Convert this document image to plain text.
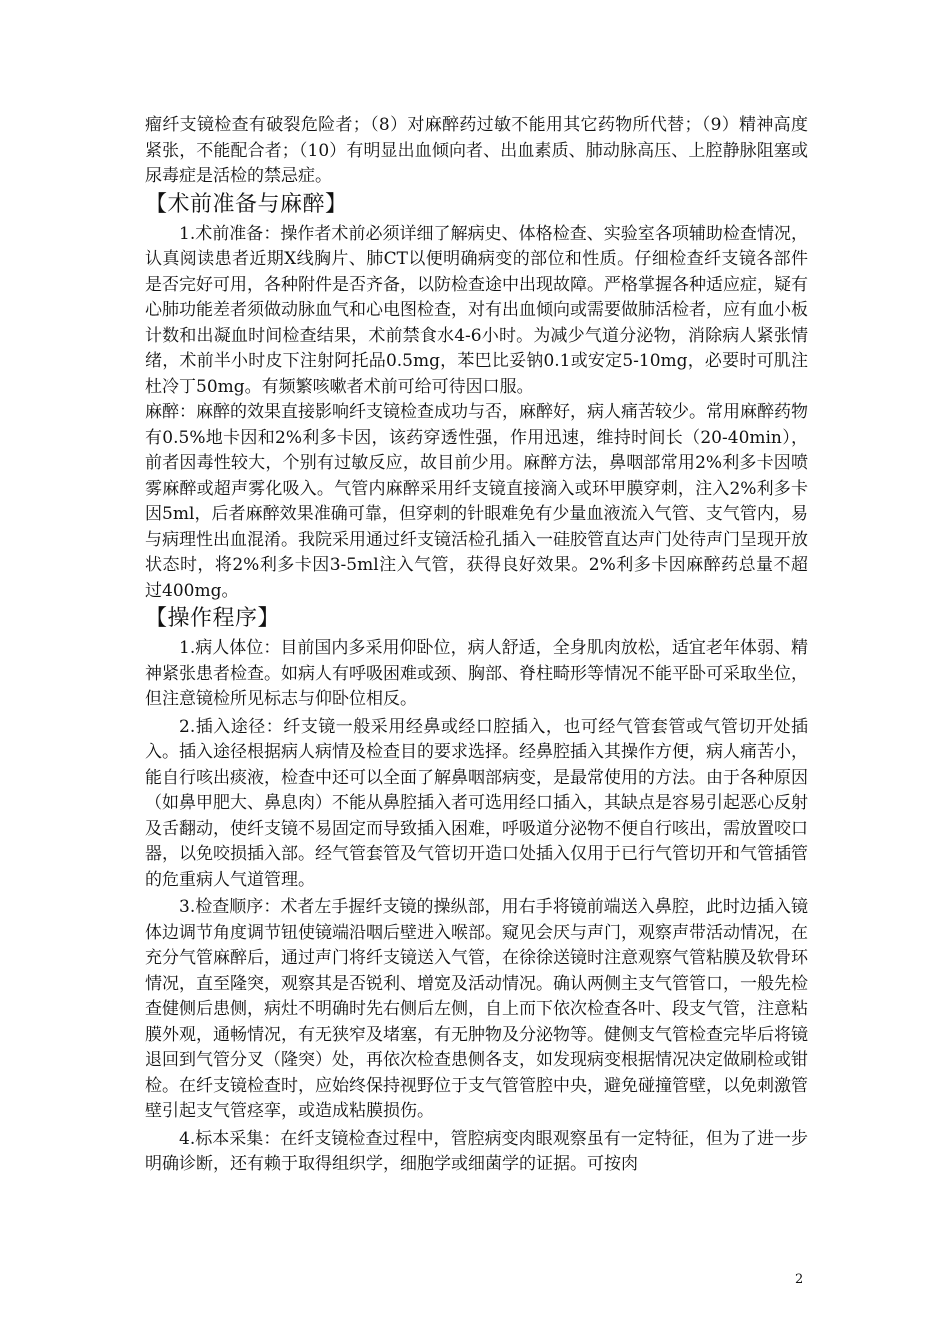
瘤纤支镜检查有破裂危险者；（8）对麻醉药过敏不能用其它药物所代替；（9）精神高度紧张，不能配合者；（10）有明显出血倾向者、出血素质、肺动脉高压、上腔静脉阻塞或尿毒症是活检的禁忌症。

【术前准备与麻醉】

1.术前准备：操作者术前必须详细了解病史、体格检查、实验室各项辅助检查情况，认真阅读患者近期X线胸片、肺CT以便明确病变的部位和性质。仔细检查纤支镜各部件是否完好可用，各种附件是否齐备，以防检查途中出现故障。严格掌握各种适应症，疑有心肺功能差者须做动脉血气和心电图检查，对有出血倾向或需要做肺活检者，应有血小板计数和出凝血时间检查结果，术前禁食水4-6小时。为减少气道分泌物，消除病人紧张情绪，术前半小时皮下注射阿托品0.5mg，苯巴比妥钠0.1或安定5-10mg，必要时可肌注杜冷丁50mg。有频繁咳嗽者术前可给可待因口服。

麻醉：麻醉的效果直接影响纤支镜检查成功与否，麻醉好，病人痛苦较少。常用麻醉药物有0.5%地卡因和2%利多卡因，该药穿透性强，作用迅速，维持时间长（20-40min），前者因毒性较大，个别有过敏反应，故目前少用。麻醉方法，鼻咽部常用2%利多卡因喷雾麻醉或超声雾化吸入。气管内麻醉采用纤支镜直接滴入或环甲膜穿刺，注入2%利多卡因5ml，后者麻醉效果准确可靠，但穿刺的针眼难免有少量血液流入气管、支气管内，易与病理性出血混淆。我院采用通过纤支镜活检孔插入一硅胶管直达声门处待声门呈现开放状态时，将2%利多卡因3-5ml注入气管，获得良好效果。2%利多卡因麻醉药总量不超过400mg。

【操作程序】

1.病人体位：目前国内多采用仰卧位，病人舒适，全身肌肉放松，适宜老年体弱、精神紧张患者检查。如病人有呼吸困难或颈、胸部、脊柱畸形等情况不能平卧可采取坐位，但注意镜检所见标志与仰卧位相反。

2.插入途径：纤支镜一般采用经鼻或经口腔插入，也可经气管套管或气管切开处插入。插入途径根据病人病情及检查目的要求选择。经鼻腔插入其操作方便，病人痛苦小，能自行咳出痰液，检查中还可以全面了解鼻咽部病变，是最常使用的方法。由于各种原因（如鼻甲肥大、鼻息肉）不能从鼻腔插入者可选用经口插入，其缺点是容易引起恶心反射及舌翻动，使纤支镜不易固定而导致插入困难，呼吸道分泌物不便自行咳出，需放置咬口器，以免咬损插入部。经气管套管及气管切开造口处插入仅用于已行气管切开和气管插管的危重病人气道管理。

3.检查顺序：术者左手握纤支镜的操纵部，用右手将镜前端送入鼻腔，此时边插入镜体边调节角度调节钮使镜端沿咽后壁进入喉部。窥见会厌与声门，观察声带活动情况，在充分气管麻醉后，通过声门将纤支镜送入气管，在徐徐送镜时注意观察气管粘膜及软骨环情况，直至隆突，观察其是否锐利、增宽及活动情况。确认两侧主支气管管口，一般先检查健侧后患侧，病灶不明确时先右侧后左侧，自上而下依次检查各叶、段支气管，注意粘膜外观，通畅情况，有无狭窄及堵塞，有无肿物及分泌物等。健侧支气管检查完毕后将镜退回到气管分叉（隆突）处，再依次检查患侧各支，如发现病变根据情况决定做刷检或钳检。在纤支镜检查时，应始终保持视野位于支气管管腔中央，避免碰撞管壁，以免刺激管壁引起支气管痉挛，或造成粘膜损伤。

4.标本采集：在纤支镜检查过程中，管腔病变肉眼观察虽有一定特征，但为了进一步明确诊断，还有赖于取得组织学，细胞学或细菌学的证据。可按肉

2
